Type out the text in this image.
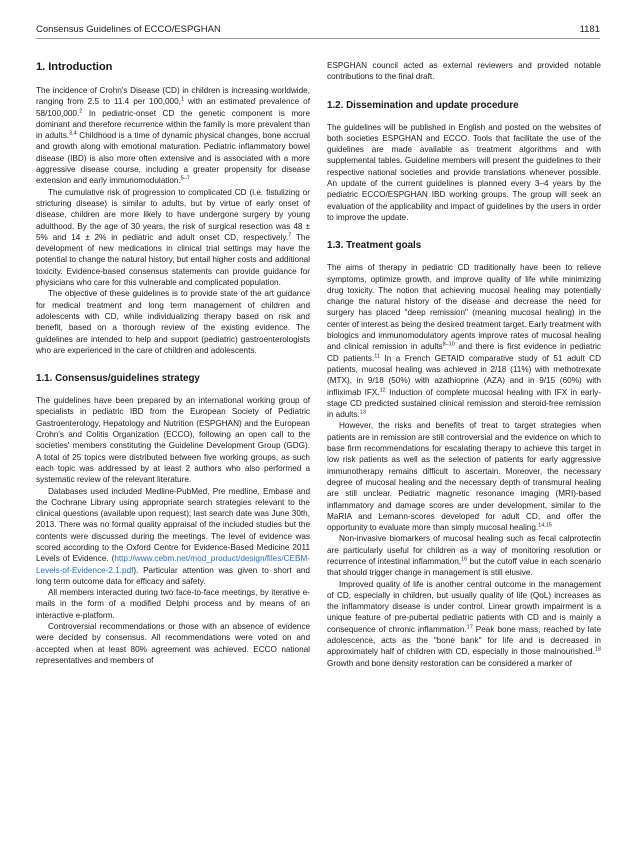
Consensus Guidelines of ECCO/ESPGHAN	1181
1. Introduction

The incidence of Crohn's Disease (CD) in children is increasing worldwide, ranging from 2.5 to 11.4 per 100,000,$^1$ with an estimated prevalence of 58/100,000.$^2$ In pediatric-onset CD the genetic component is more dominant and therefore recurrence within the family is more prevalent than in adults.$^{3,4}$ Childhood is a time of dynamic physical changes, bone accrual and growth along with emotional maturation. Pediatric inflammatory bowel disease (IBD) is also more often extensive and is associated with a more aggressive disease course, including a greater propensity for disease extension and early immunomodulation.$^{5-7}$

The cumulative risk of progression to complicated CD (i.e. fistulizing or stricturing disease) is similar to adults, but by virtue of early onset of disease, children are more likely to have undergone surgery by young adulthood. By the age of 30 years, the risk of surgical resection was 48 ± 5% and 14 ± 2% in pediatric and adult onset CD, respectively.$^7$ The development of new medications in clinical trial settings may have the potential to change the natural history, but entail higher costs and additional toxicity. Evidence-based consensus statements can provide guidance for physicians who care for this vulnerable and complicated population.

The objective of these guidelines is to provide state of the art guidance for medical treatment and long term management of children and adolescents with CD, while individualizing therapy based on risk and benefit, based on a thorough review of the existing evidence. The guidelines are intended to help and support (pediatric) gastroenterologists who are experienced in the care of children and adolescents.

1.1. Consensus/guidelines strategy

The guidelines have been prepared by an international working group of specialists in pediatric IBD from the European Society of Pediatric Gastroenterology, Hepatology and Nutrition (ESPGHAN) and the European Crohn's and Colitis Organization (ECCO), following an open call to the societies' members constituting the Guideline Development Group (GDG). A total of 25 topics were distributed between five working groups, as such each topic was addressed by at least 2 authors who also performed a systematic review of the relevant literature.

Databases used included Medline-PubMed, Pre medline, Embase and the Cochrane Library using appropriate search strategies relevant to the clinical questions (available upon request); last search date was June 30th, 2013. There was no formal quality appraisal of the included studies but the contents were discussed during the meetings. The level of evidence was scored according to the Oxford Centre for Evidence-Based Medicine 2011 Levels of Evidence. (http://www.cebm.net/mod_product/design/files/CEBM-Levels-of-Evidence-2.1.pdf). Particular attention was given to short and long term outcome data for efficacy and safety.

All members interacted during two face-to-face meetings, by iterative e-mails in the form of a modified Delphi process and by means of an interactive e-platform.

Controversial recommendations or those with an absence of evidence were decided by consensus. All recommendations were voted on and accepted when at least 80% agreement was achieved. ECCO national representatives and members of

ESPGHAN council acted as external reviewers and provided notable contributions to the final draft.

1.2. Dissemination and update procedure

The guidelines will be published in English and posted on the websites of both societies ESPGHAN and ECCO. Tools that facilitate the use of the guidelines are made available as treatment algorithms and with supplemental tables. Guideline members will present the guidelines to their respective national societies and provide translations whenever possible. An update of the current guidelines is planned every 3–4 years by the pediatric ECCO/ESPGHAN IBD working groups. The group will seek an evaluation of the applicability and impact of guidelines by the users in order to improve the update.

1.3. Treatment goals

The aims of therapy in pediatric CD traditionally have been to relieve symptoms, optimize growth, and improve quality of life while minimizing drug toxicity. The notion that achieving mucosal healing may potentially change the natural history of the disease and decrease the need for surgery has placed "deep remission" (meaning mucosal healing) in the center of interest as being the desired treatment target. Early treatment with biologics and immunomodulatory agents improve rates of mucosal healing and clinical remission in adults$^{8-10}$ and there is first evidence in pediatric CD patients.$^{11}$ In a French GETAID comparative study of 51 adult CD patients, mucosal healing was achieved in 2/18 (11%) with methotrexate (MTX), in 9/18 (50%) with azathioprine (AZA) and in 9/15 (60%) with infliximab IFX.$^{12}$ Induction of complete mucosal healing with IFX in early-stage CD predicted sustained clinical remission and steroid-free remission in adults.$^{13}$

However, the risks and benefits of treat to target strategies when patients are in remission are still controversial and the evidence on which to base firm recommendations for escalating therapy to achieve this target in low risk patients as well as the selection of patients for early aggressive immunotherapy remains difficult to ascertain. Moreover, the necessary degree of mucosal healing and the necessary depth of transmural healing are still unclear. Pediatric magnetic resonance imaging (MRI)-based inflammatory and damage scores are under development, similar to the MaRIA and Lemann-scores developed for adult CD, and offer the opportunity to evaluate more than simply mucosal healing.$^{14,15}$

Non-invasive biomarkers of mucosal healing such as fecal calprotectin are particularly useful for children as a way of monitoring resolution or recurrence of intestinal inflammation,$^{16}$ but the cutoff value in each scenario that should trigger change in management is still elusive.

Improved quality of life is another central outcome in the management of CD, especially in children, but usually quality of life (QoL) increases as the inflammatory disease is under control. Linear growth impairment is a unique feature of pre-pubertal pediatric patients with CD and is mainly a consequence of chronic inflammation.$^{17}$ Peak bone mass, reached by late adolescence, acts as the "bone bank" for life and is decreased in approximately half of children with CD, especially in those malnourished.$^{18}$ Growth and bone density restoration can be considered a marker of
